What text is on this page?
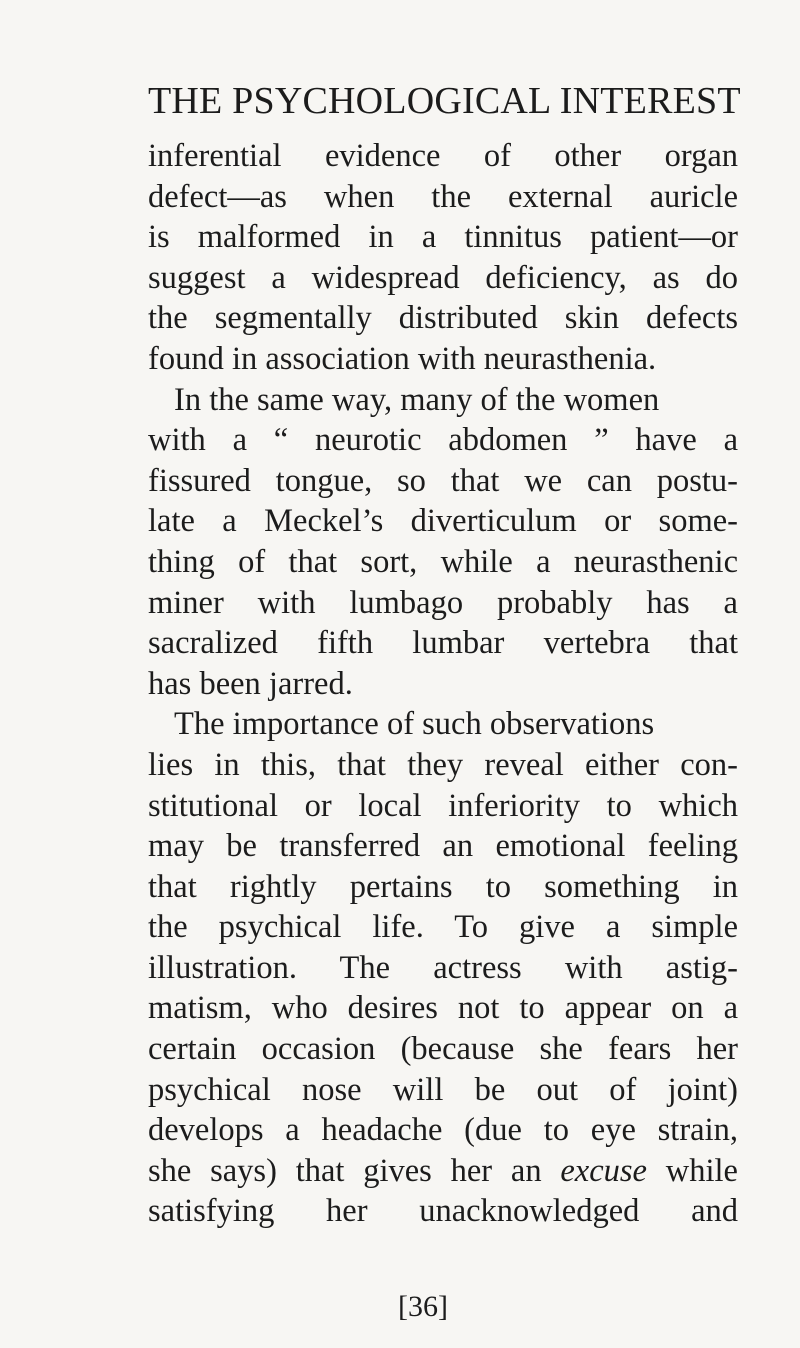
THE PSYCHOLOGICAL INTEREST
inferential evidence of other organ
defect—as when the external auricle
is malformed in a tinnitus patient—or
suggest a widespread deficiency, as do
the segmentally distributed skin defects
found in association with neurasthenia.
In the same way, many of the women
with a “ neurotic abdomen ” have a
fissured tongue, so that we can postu-
late a Meckel’s diverticulum or some-
thing of that sort, while a neurasthenic
miner with lumbago probably has a
sacralized fifth lumbar vertebra that
has been jarred.
The importance of such observations
lies in this, that they reveal either con-
stitutional or local inferiority to which
may be transferred an emotional feeling
that rightly pertains to something in
the psychical life. To give a simple
illustration. The actress with astig-
matism, who desires not to appear on a
certain occasion (because she fears her
psychical nose will be out of joint)
develops a headache (due to eye strain,
she says) that gives her an excuse while
satisfying her unacknowledged and
[36]
